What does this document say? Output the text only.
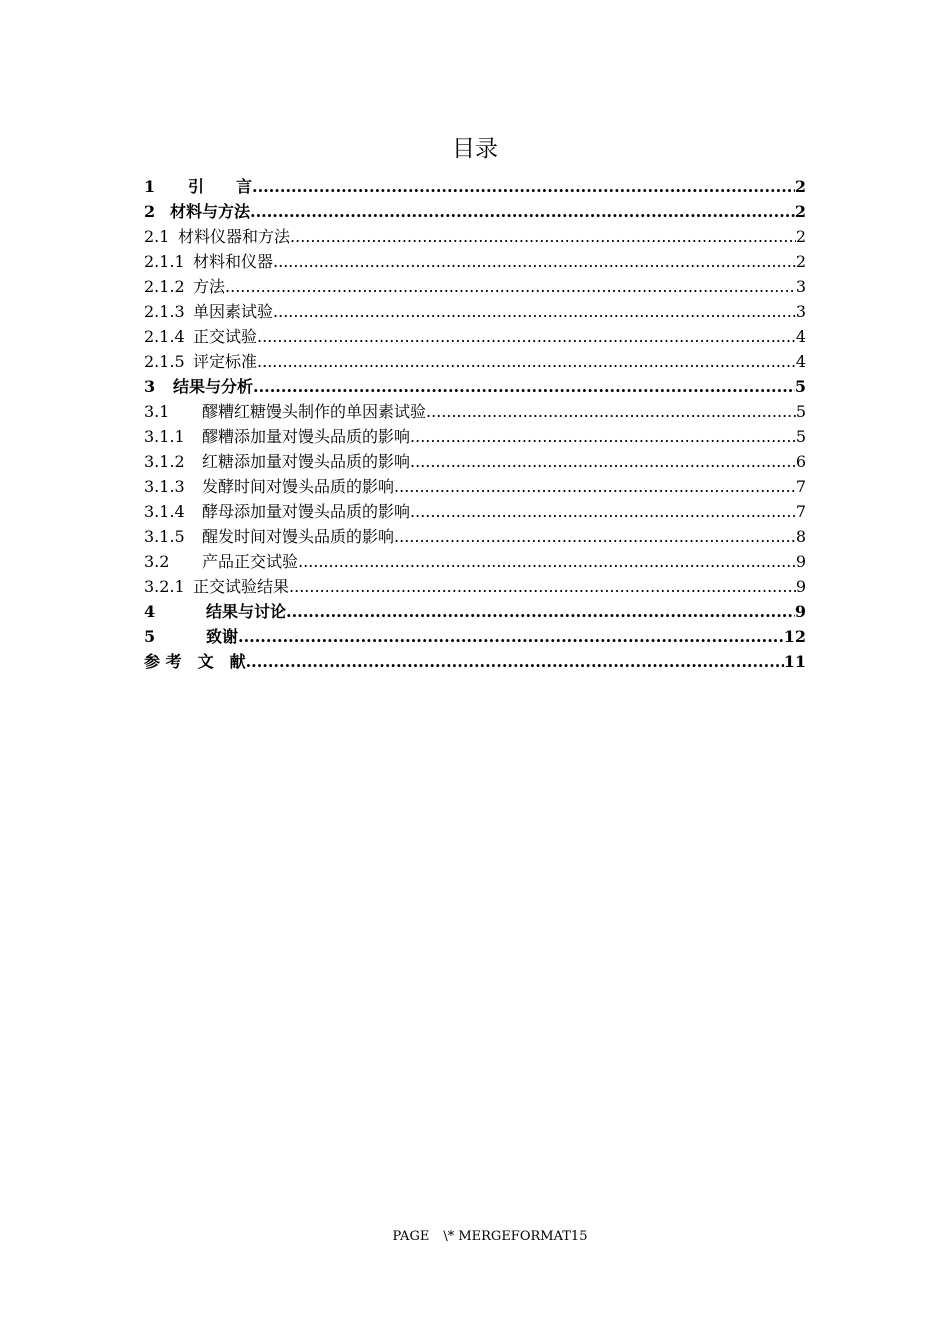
目录
1	引　　言 .....	2
2 材料与方法 .....	2
2.1 材料仪器和方法 .....	2
2.1.1 材料和仪器 .....	2
2.1.2 方法 .....	3
2.1.3 单因素试验 .....	3
2.1.4 正交试验 .....	4
2.1.5 评定标准 .....	4
3	结果与分析 .....	5
3.1	醪糟红糖馒头制作的单因素试验 .....	5
3.1.1	醪糟添加量对馒头品质的影响 .....	5
3.1.2	红糖添加量对馒头品质的影响 .....	6
3.1.3	发酵时间对馒头品质的影响 .....	7
3.1.4	酵母添加量对馒头品质的影响 .....	7
3.1.5	醒发时间对馒头品质的影响 .....	8
3.2	产品正交试验 .....	9
3.2.1 正交试验结果 .....	9
4	结果与讨论 .....	9
5	致谢 .....	12
参 考　文　献 .....	11
PAGE \* MERGEFORMAT15
